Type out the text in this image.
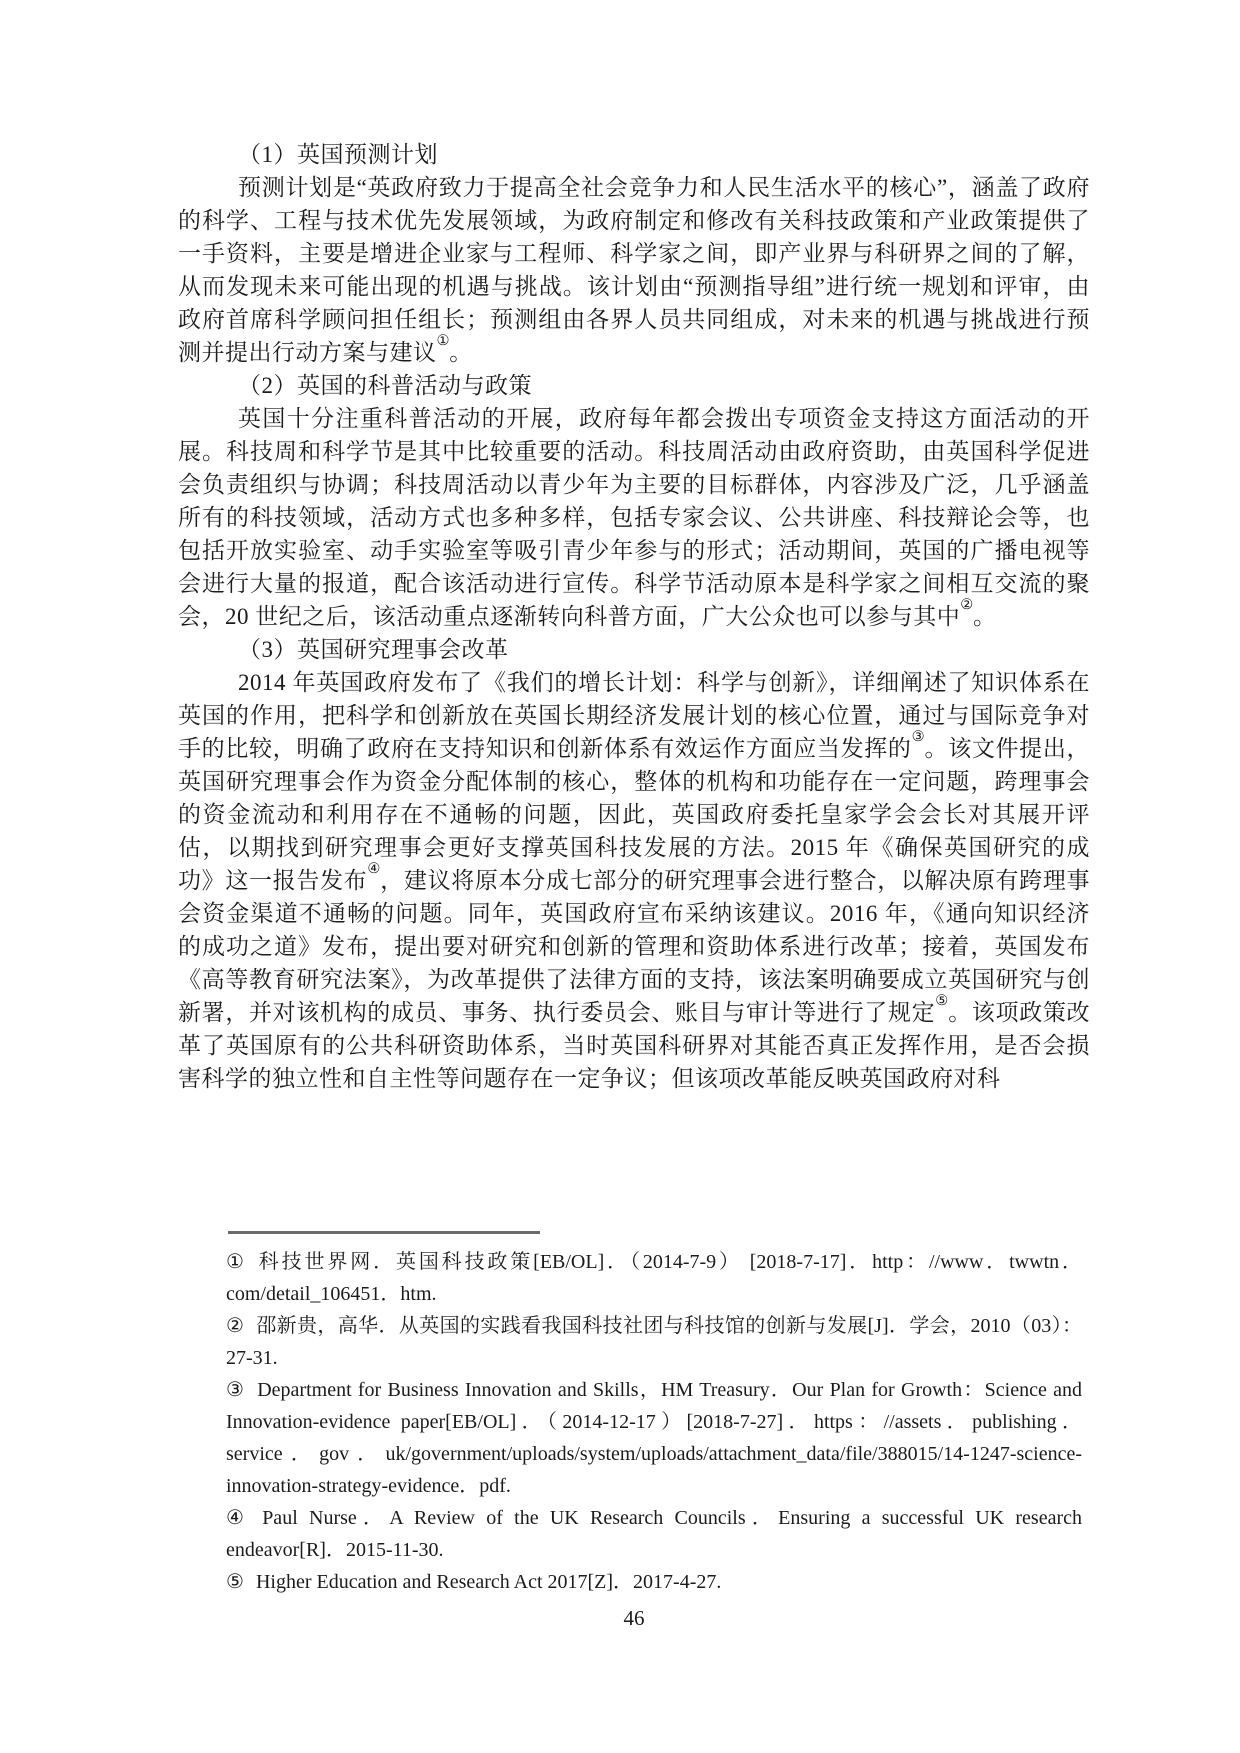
（1）英国预测计划

预测计划是“英政府致力于提高全社会竞争力和人民生活水平的核心”，涵盖了政府的科学、工程与技术优先发展领域，为政府制定和修改有关科技政策和产业政策提供了一手资料，主要是增进企业家与工程师、科学家之间，即产业界与科研界之间的了解，从而发现未来可能出现的机遇与挑战。该计划由“预测指导组”进行统一规划和评审，由政府首席科学顾问担任组长；预测组由各界人员共同组成，对未来的机遇与挑战进行预测并提出行动方案与建议①。

（2）英国的科普活动与政策

英国十分注重科普活动的开展，政府每年都会拨出专项资金支持这方面活动的开展。科技周和科学节是其中比较重要的活动。科技周活动由政府资助，由英国科学促进会负责组织与协调；科技周活动以青少年为主要的目标群体，内容涉及广泛，几乎涵盖所有的科技领域，活动方式也多种多样，包括专家会议、公共讲座、科技辩论会等，也包括开放实验室、动手实验室等吸引青少年参与的形式；活动期间，英国的广播电视等会进行大量的报道，配合该活动进行宣传。科学节活动原本是科学家之间相互交流的聚会，20 世纪之后，该活动重点逐渐转向科普方面，广大公众也可以参与其中②。

（3）英国研究理事会改革

2014 年英国政府发布了《我们的增长计划：科学与创新》，详细阐述了知识体系在英国的作用，把科学和创新放在英国长期经济发展计划的核心位置，通过与国际竞争对手的比较，明确了政府在支持知识和创新体系有效运作方面应当发挥的③。该文件提出，英国研究理事会作为资金分配体制的核心，整体的机构和功能存在一定问题，跨理事会的资金流动和利用存在不通畅的问题，因此，英国政府委托皇家学会会长对其展开评估，以期找到研究理事会更好支撑英国科技发展的方法。2015 年《确保英国研究的成功》这一报告发布④，建议将原本分成七部分的研究理事会进行整合，以解决原有跨理事会资金渠道不通畅的问题。同年，英国政府宣布采纳该建议。2016 年，《通向知识经济的成功之道》发布，提出要对研究和创新的管理和资助体系进行改革；接着，英国发布《高等教育研究法案》，为改革提供了法律方面的支持，该法案明确要成立英国研究与创新署，并对该机构的成员、事务、执行委员会、账目与审计等进行了规定⑤。该项政策改革了英国原有的公共科研资助体系，当时英国科研界对其能否真正发挥作用，是否会损害科学的独立性和自主性等问题存在一定争议；但该项改革能反映英国政府对科

① 科技世界网．英国科技政策[EB/OL]．（2014-7-9） [2018-7-17]．http：//www．twwtn．com/detail_106451．htm.
② 邵新贵，高华．从英国的实践看我国科技社团与科技馆的创新与发展[J]．学会，2010（03）：27-31.
③ Department for Business Innovation and Skills，HM Treasury．Our Plan for Growth：Science and Innovation-evidence paper[EB/OL]．（2014-12-17）[2018-7-27]．https：//assets．publishing．service．gov．uk/government/uploads/system/uploads/attachment_data/file/388015/14-1247-science-innovation-strategy-evidence．pdf.
④ Paul Nurse．A Review of the UK Research Councils．Ensuring a successful UK research endeavor[R]．2015-11-30.
⑤ Higher Education and Research Act 2017[Z]．2017-4-27.
46
